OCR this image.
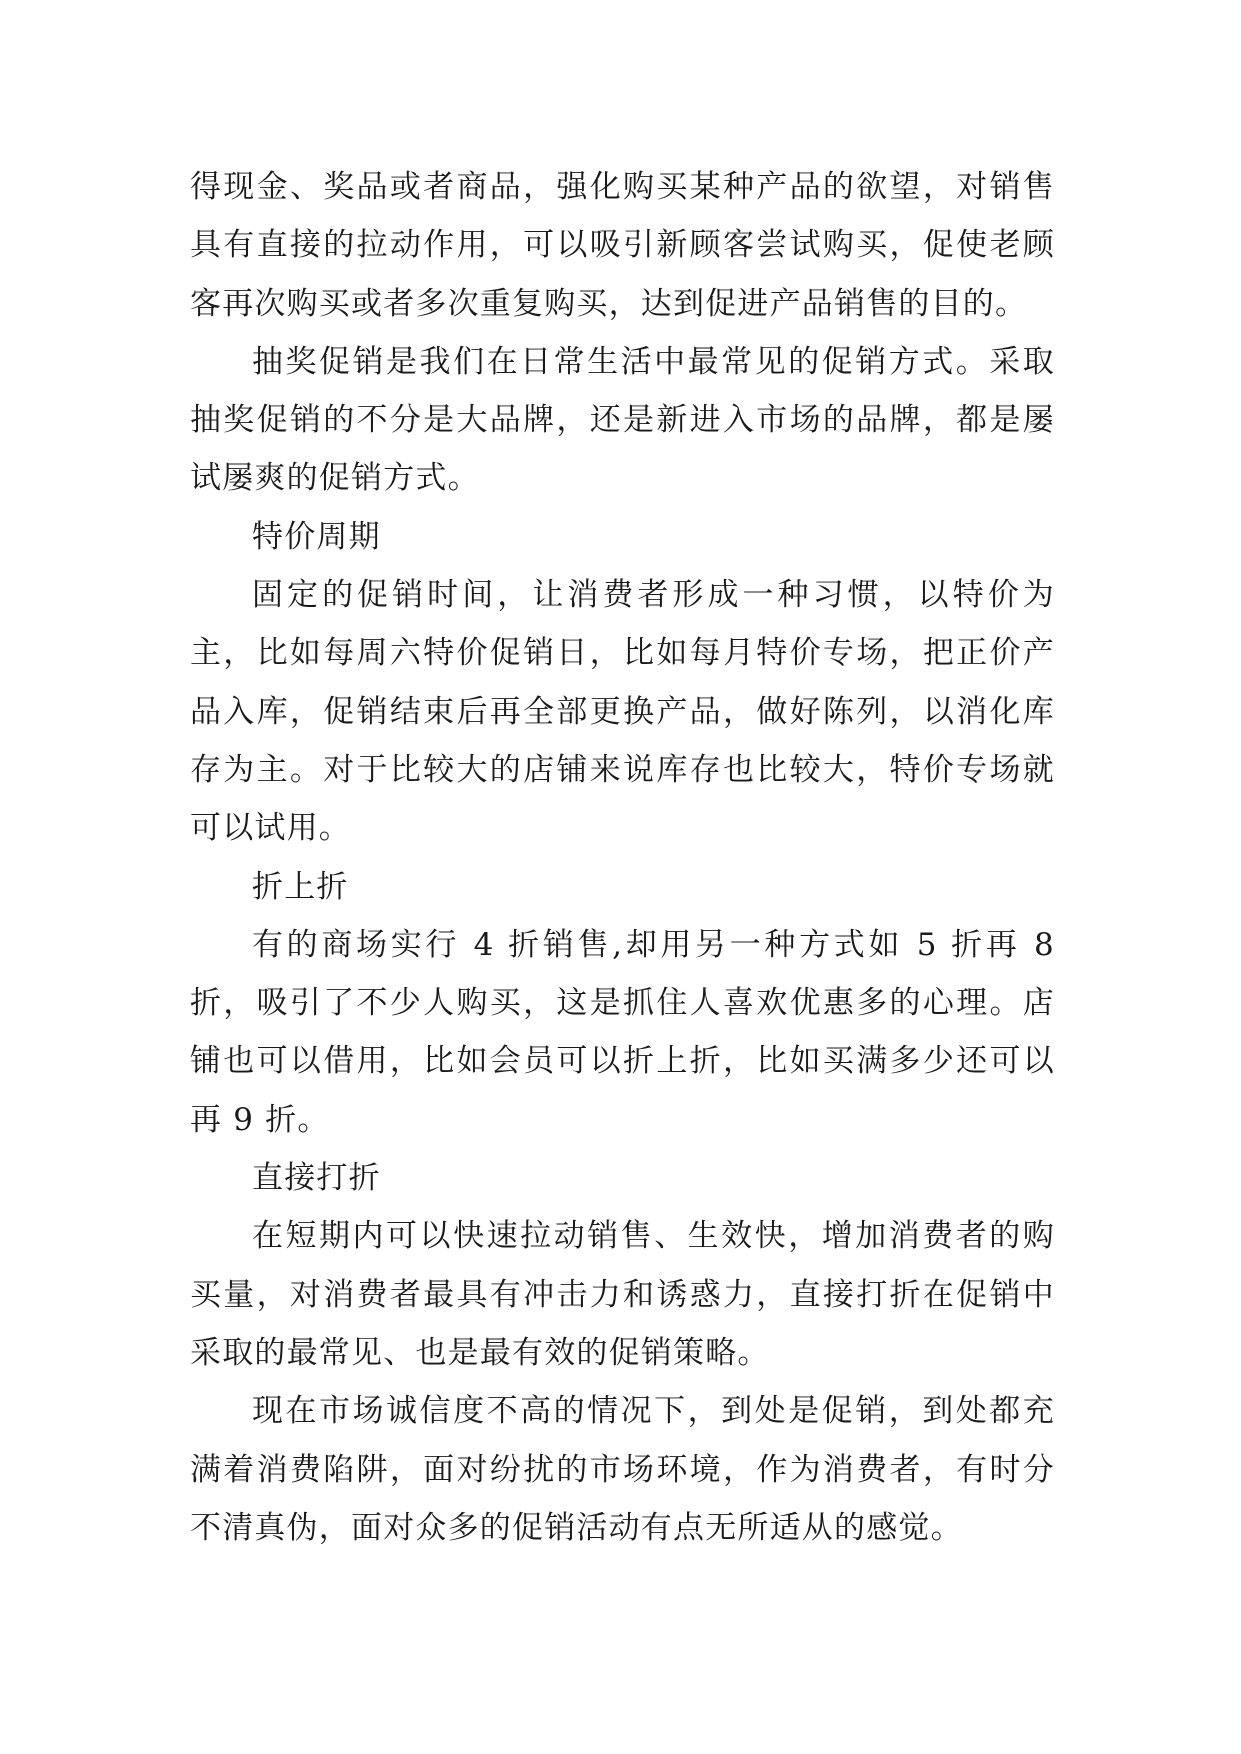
得现金、奖品或者商品，强化购买某种产品的欲望，对销售具有直接的拉动作用，可以吸引新顾客尝试购买，促使老顾客再次购买或者多次重复购买，达到促进产品销售的目的。

抽奖促销是我们在日常生活中最常见的促销方式。采取抽奖促销的不分是大品牌，还是新进入市场的品牌，都是屡试屡爽的促销方式。

特价周期

固定的促销时间，让消费者形成一种习惯，以特价为主，比如每周六特价促销日，比如每月特价专场，把正价产品入库，促销结束后再全部更换产品，做好陈列，以消化库存为主。对于比较大的店铺来说库存也比较大，特价专场就可以试用。

折上折

有的商场实行 4 折销售,却用另一种方式如 5 折再 8 折，吸引了不少人购买，这是抓住人喜欢优惠多的心理。店铺也可以借用，比如会员可以折上折，比如买满多少还可以再 9 折。

直接打折

在短期内可以快速拉动销售、生效快，增加消费者的购买量，对消费者最具有冲击力和诱惑力，直接打折在促销中采取的最常见、也是最有效的促销策略。

现在市场诚信度不高的情况下，到处是促销，到处都充满着消费陷阱，面对纷扰的市场环境，作为消费者，有时分不清真伪，面对众多的促销活动有点无所适从的感觉。
